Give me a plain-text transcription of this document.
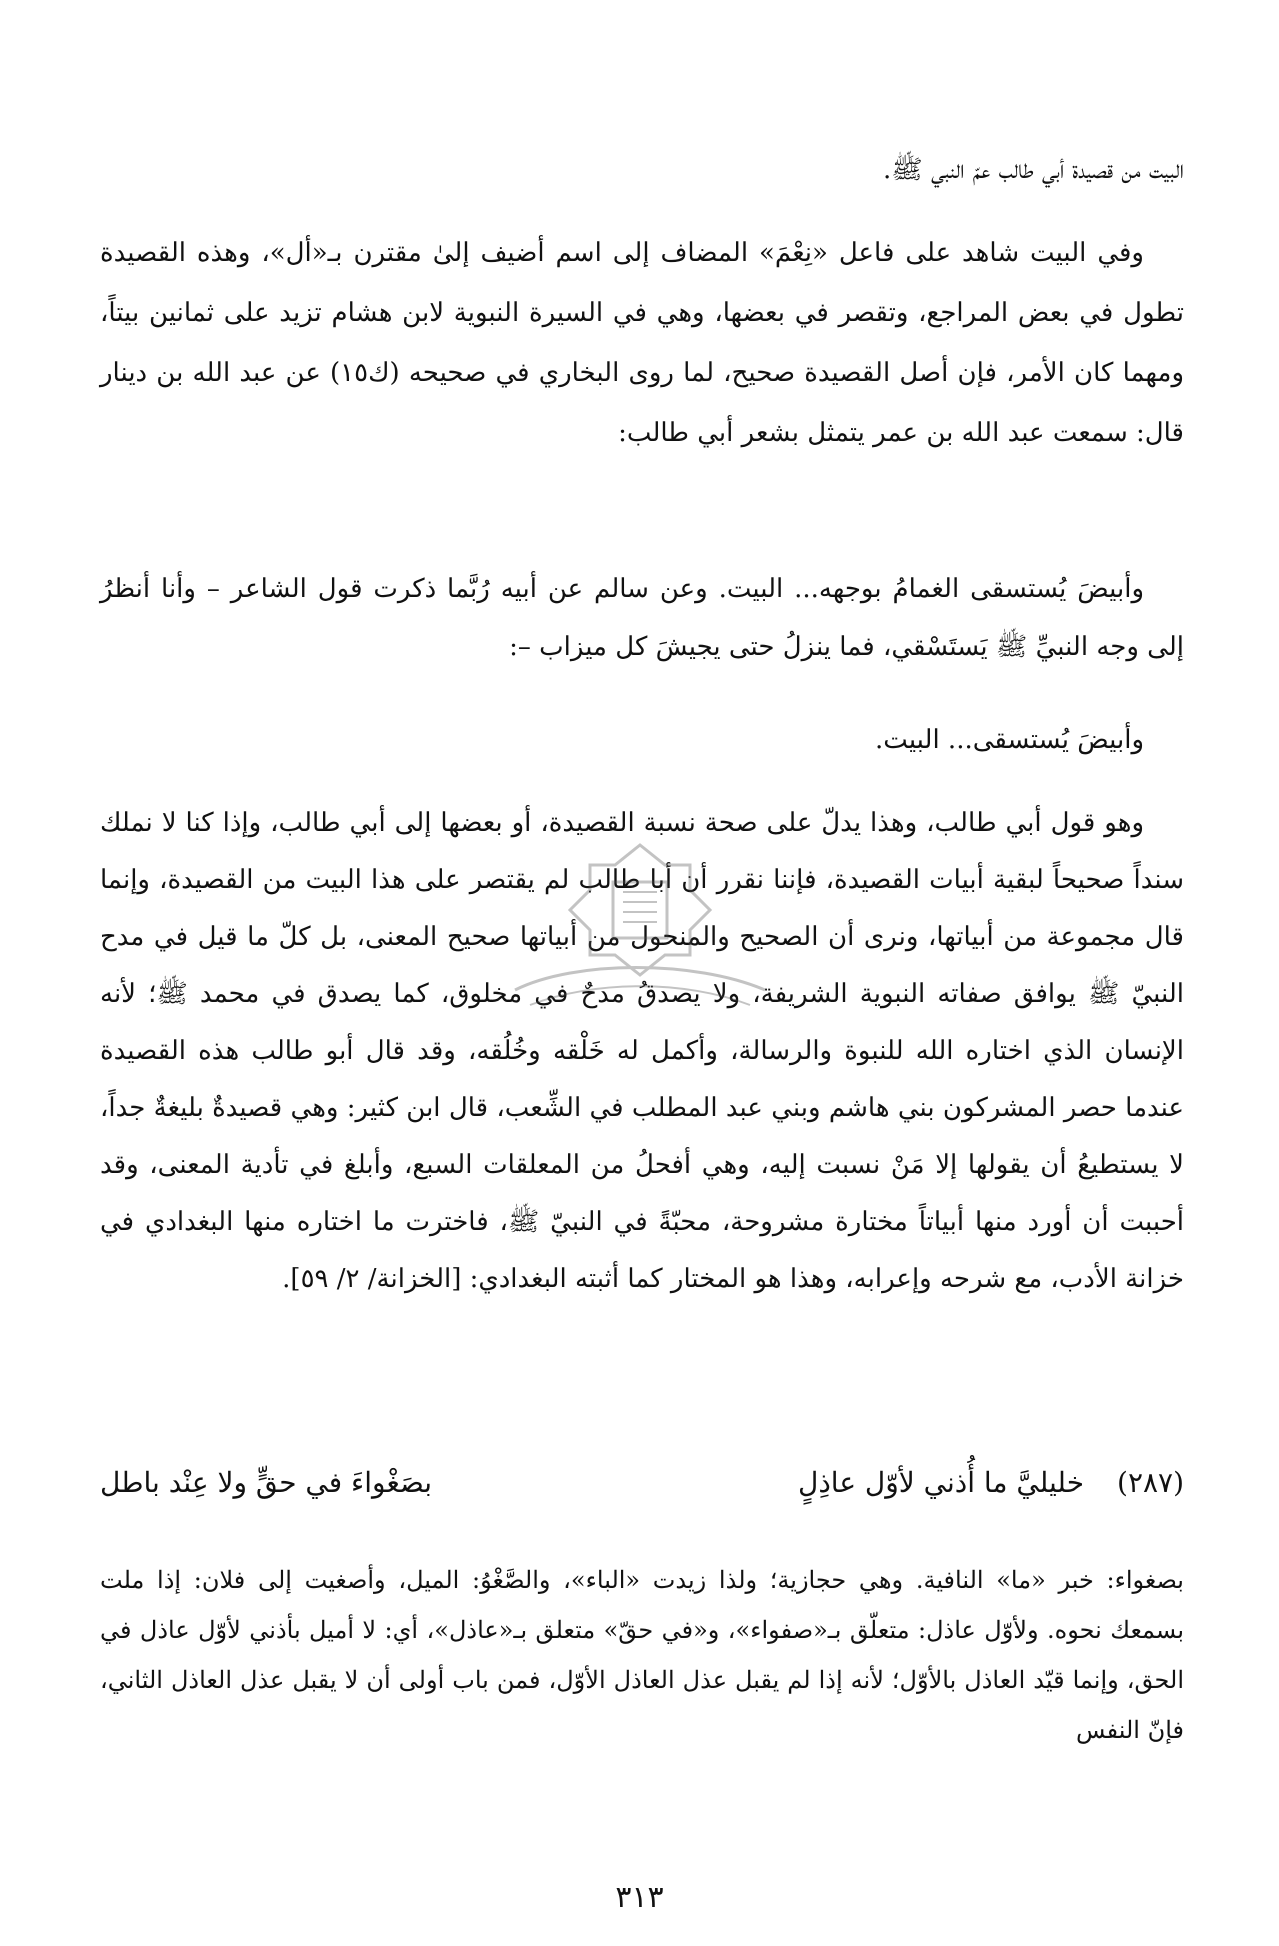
البيت من قصيدة أبي طالب عمّ النبي ﷺ.

وفي البيت شاهد على فاعل «نِعْمَ» المضاف إلى اسم أضيف إلىٰ مقترن بـ«أل»، وهذه القصيدة تطول في بعض المراجع، وتقصر في بعضها، وهي في السيرة النبوية لابن هشام تزيد على ثمانين بيتاً، ومهما كان الأمر، فإن أصل القصيدة صحيح، لما روى البخاري في صحيحه (ك١٥) عن عبد الله بن دينار قال: سمعت عبد الله بن عمر يتمثل بشعر أبي طالب:

وأبيضَ يُستسقى الغمامُ بوجهه... البيت. وعن سالم عن أبيه رُبَّما ذكرت قول الشاعر – وأنا أنظرُ إلى وجه النبيِّ ﷺ يَستَسْقي، فما ينزلُ حتى يجيشَ كل ميزاب –:

وأبيضَ يُستسقى... البيت.

وهو قول أبي طالب، وهذا يدلّ على صحة نسبة القصيدة، أو بعضها إلى أبي طالب، وإذا كنا لا نملك سنداً صحيحاً لبقية أبيات القصيدة، فإننا نقرر أن أبا طالب لم يقتصر على هذا البيت من القصيدة، وإنما قال مجموعة من أبياتها، ونرى أن الصحيح والمنحول من أبياتها صحيح المعنى، بل كلّ ما قيل في مدح النبيّ ﷺ يوافق صفاته النبوية الشريفة، ولا يصدقُ مدحٌ في مخلوق، كما يصدق في محمد ﷺ؛ لأنه الإنسان الذي اختاره الله للنبوة والرسالة، وأكمل له خَلْقه وخُلُقه، وقد قال أبو طالب هذه القصيدة عندما حصر المشركون بني هاشم وبني عبد المطلب في الشِّعب، قال ابن كثير: وهي قصيدةٌ بليغةٌ جداً، لا يستطيعُ أن يقولها إلا مَنْ نسبت إليه، وهي أفحلُ من المعلقات السبع، وأبلغ في تأدية المعنى، وقد أحببت أن أورد منها أبياتاً مختارة مشروحة، محبّةً في النبيّ ﷺ، فاخترت ما اختاره منها البغدادي في خزانة الأدب، مع شرحه وإعرابه، وهذا هو المختار كما أثبته البغدادي: [الخزانة/ ٢/ ٥٩].

(٢٨٧)
خليليَّ ما أُذني لأوّل عاذِلٍ
بصَغْواءَ في حقٍّ ولا عِنْد باطل

بصغواء: خبر «ما» النافية. وهي حجازية؛ ولذا زيدت «الباء»، والصَّغْوُ: الميل، وأصغيت إلى فلان: إذا ملت بسمعك نحوه. ولأوّل عاذل: متعلّق بـ«صفواء»، و«في حقّ» متعلق بـ«عاذل»، أي: لا أميل بأذني لأوّل عاذل في الحق، وإنما قيّد العاذل بالأوّل؛ لأنه إذا لم يقبل عذل العاذل الأوّل، فمن باب أولى أن لا يقبل عذل العاذل الثاني، فإنّ النفس

٣١٣
